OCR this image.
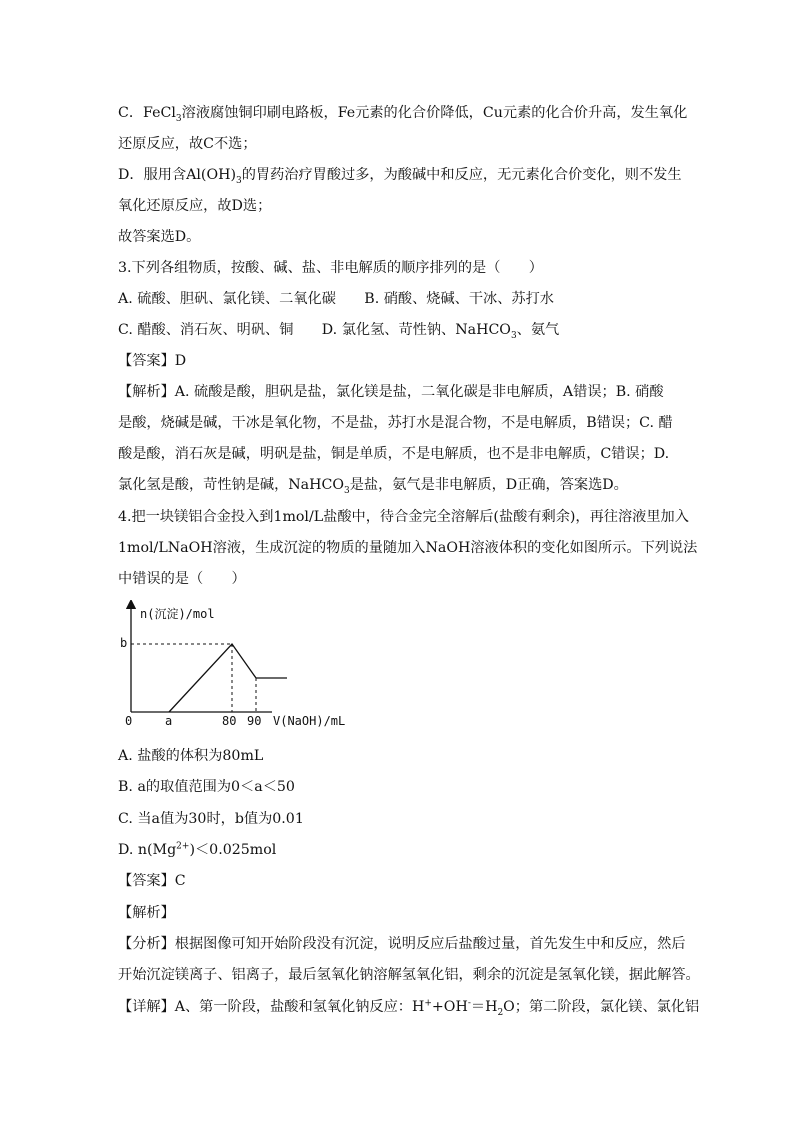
C．FeCl$_3$溶液腐蚀铜印刷电路板，Fe元素的化合价降低，Cu元素的化合价升高，发生氧化
还原反应，故C不选；
D．服用含$Al(OH)_3$的胃药治疗胃酸过多，为酸碱中和反应，无元素化合价变化，则不发生
氧化还原反应，故D选；
故答案选D。
3.下列各组物质，按酸、碱、盐、非电解质的顺序排列的是（　　）
A. 硫酸、胆矾、氯化镁、二氧化碳　　B. 硝酸、烧碱、干冰、苏打水
C. 醋酸、消石灰、明矾、铜　　D. 氯化氢、苛性钠、NaHCO$_3$、氨气
【答案】D
【解析】A. 硫酸是酸，胆矾是盐，氯化镁是盐，二氧化碳是非电解质，A错误；B. 硝酸
是酸，烧碱是碱，干冰是氧化物，不是盐，苏打水是混合物，不是电解质，B错误；C. 醋
酸是酸，消石灰是碱，明矾是盐，铜是单质，不是电解质，也不是非电解质，C错误；D.
氯化氢是酸，苛性钠是碱，NaHCO$_3$是盐，氨气是非电解质，D正确，答案选D。
4.把一块镁铝合金投入到1mol/L盐酸中，待合金完全溶解后(盐酸有剩余)，再往溶液里加入
1mol/LNaOH溶液，生成沉淀的物质的量随加入NaOH溶液体积的变化如图所示。下列说法
中错误的是（　　）
n(沉淀)/mol
V(NaOH)/mL
0
b
a	80 90
A. 盐酸的体积为80mL
B. a的取值范围为0＜a＜50
C. 当a值为30时，b值为0.01
D. $n(Mg^{2+})<0.025mol$
【答案】C
【解析】
【分析】根据图像可知开始阶段没有沉淀，说明反应后盐酸过量，首先发生中和反应，然后
开始沉淀镁离子、铝离子，最后氢氧化钠溶解氢氧化铝，剩余的沉淀是氢氧化镁，据此解答。
【详解】A、第一阶段，盐酸和氢氧化钠反应：$H^++OH^-=H_2O$；第二阶段，氯化镁、氯化铝
